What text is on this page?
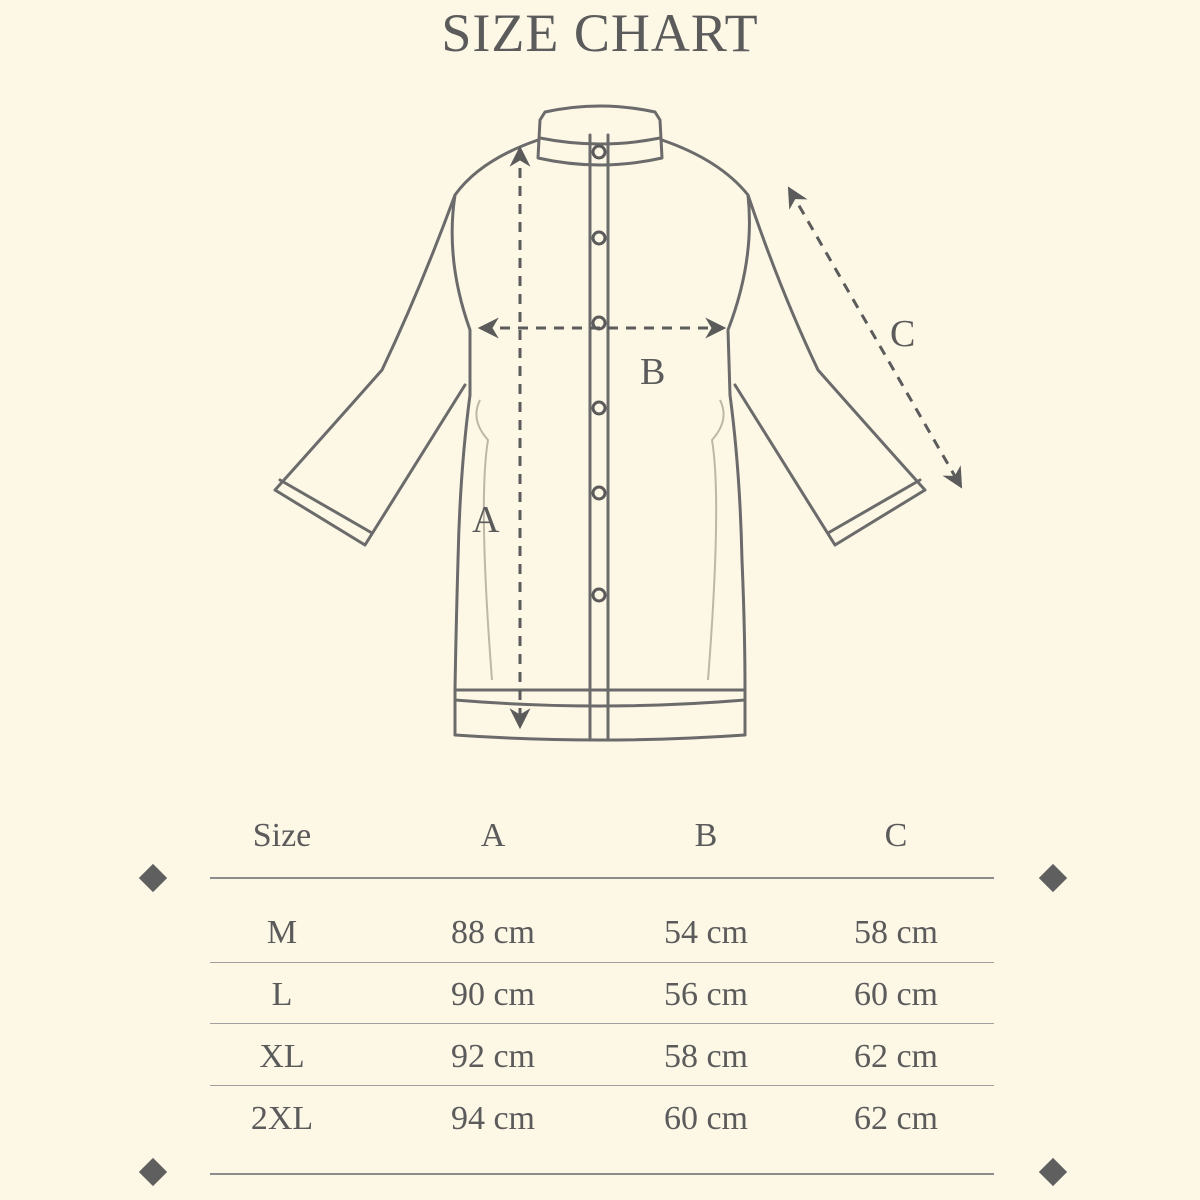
SIZE CHART
A
B
C
Size	A	B	C
M	88 cm	54 cm	58 cm
L	90 cm	56 cm	60 cm
XL	92 cm	58 cm	62 cm
2XL	94 cm	60 cm	62 cm
